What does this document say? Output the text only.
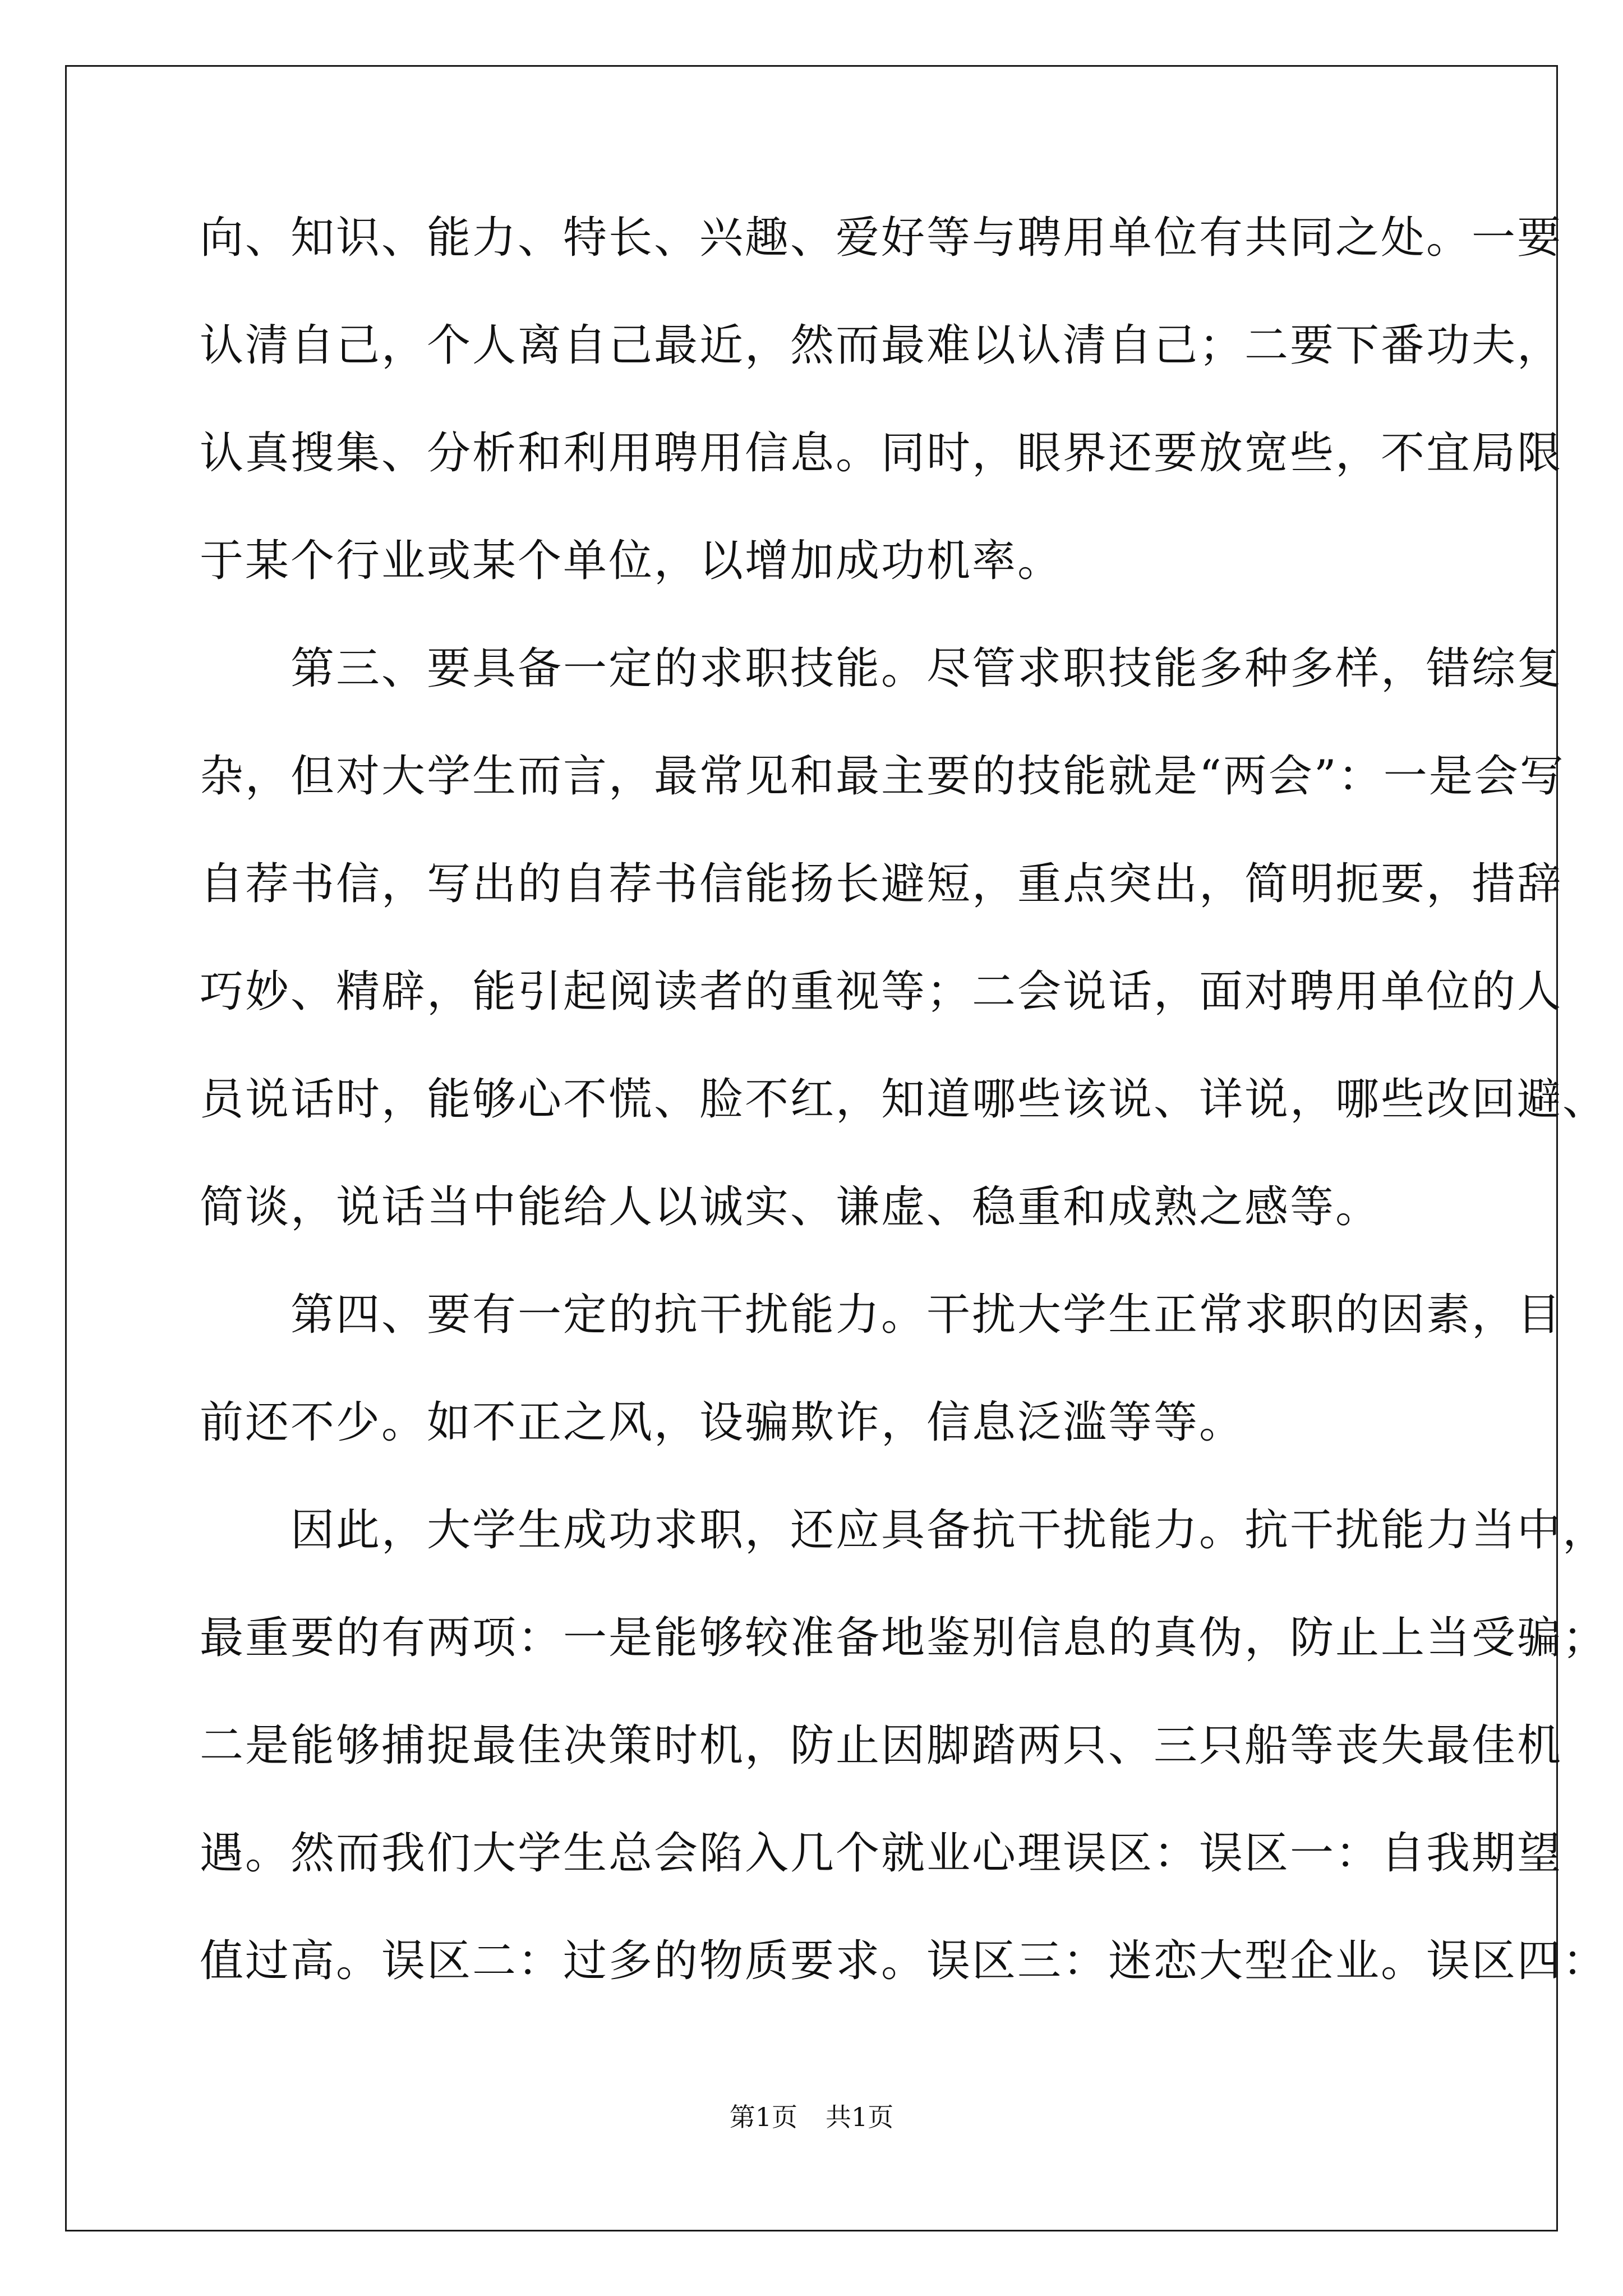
向、知识、能力、特长、兴趣、爱好等与聘用单位有共同之处。一要
认清自己，个人离自己最近，然而最难以认清自己；二要下番功夫，
认真搜集、分析和利用聘用信息。同时，眼界还要放宽些，不宜局限
于某个行业或某个单位，以增加成功机率。
　　第三、要具备一定的求职技能。尽管求职技能多种多样，错综复
杂，但对大学生而言，最常见和最主要的技能就是“两会”：一是会写
自荐书信，写出的自荐书信能扬长避短，重点突出，简明扼要，措辞
巧妙、精辟，能引起阅读者的重视等；二会说话，面对聘用单位的人
员说话时，能够心不慌、脸不红，知道哪些该说、详说，哪些改回避、
简谈，说话当中能给人以诚实、谦虚、稳重和成熟之感等。
　　第四、要有一定的抗干扰能力。干扰大学生正常求职的因素，目
前还不少。如不正之风，设骗欺诈，信息泛滥等等。
　　因此，大学生成功求职，还应具备抗干扰能力。抗干扰能力当中，
最重要的有两项：一是能够较准备地鉴别信息的真伪，防止上当受骗；
二是能够捕捉最佳决策时机，防止因脚踏两只、三只船等丧失最佳机
遇。然而我们大学生总会陷入几个就业心理误区：误区一：自我期望
值过高。误区二：过多的物质要求。误区三：迷恋大型企业。误区四：
第1页 共1页
